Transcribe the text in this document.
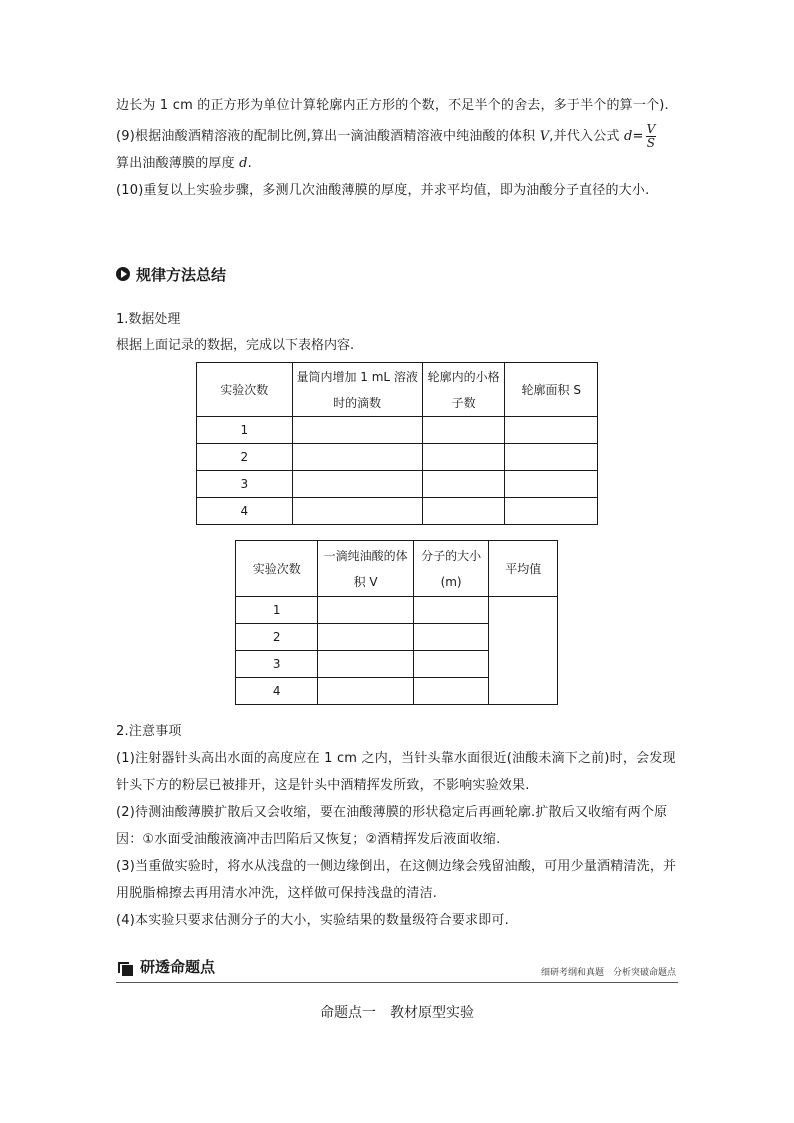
边长为 1 cm 的正方形为单位计算轮廓内正方形的个数，不足半个的舍去，多于半个的算一个).

(9)根据油酸酒精溶液的配制比例,算出一滴油酸酒精溶液中纯油酸的体积 V,并代入公式 $d= \frac{V}{S}$

算出油酸薄膜的厚度 d.

(10)重复以上实验步骤，多测几次油酸薄膜的厚度，并求平均值，即为油酸分子直径的大小.

规律方法总结
1.数据处理
根据上面记录的数据，完成以下表格内容.
实验次数	量筒内增加 1 mL 溶液时的滴数	轮廓内的小格子数	轮廓面积 S
1			
2			
3			
4			
实验次数	一滴纯油酸的体积 V	分子的大小(m)	平均值
1			
2			
3			
4			

2.注意事项

(1)注射器针头高出水面的高度应在 1 cm 之内，当针头靠水面很近(油酸未滴下之前)时，会发现针头下方的粉层已被排开，这是针头中酒精挥发所致，不影响实验效果.

(2)待测油酸薄膜扩散后又会收缩，要在油酸薄膜的形状稳定后再画轮廓.扩散后又收缩有两个原因：①水面受油酸液滴冲击凹陷后又恢复；②酒精挥发后液面收缩.

(3)当重做实验时，将水从浅盘的一侧边缘倒出，在这侧边缘会残留油酸，可用少量酒精清洗，并用脱脂棉擦去再用清水冲洗，这样做可保持浅盘的清洁.

(4)本实验只要求估测分子的大小，实验结果的数量级符合要求即可.

研透命题点	细研考纲和真题　分析突破命题点
命题点一　教材原型实验
